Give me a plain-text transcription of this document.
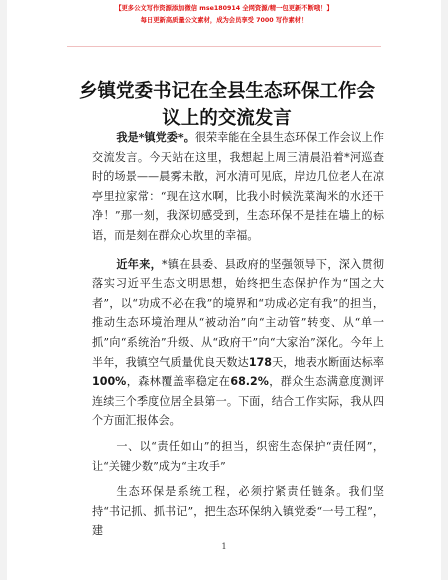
【更多公文写作资源添加微信 mse180914 全网资源/精一包更新不断哦！】
每日更新高质量公文素材，成为会员享受 7000 写作素材！
乡镇党委书记在全县生态环保工作会议上的交流发言

我是*镇党委*。很荣幸能在全县生态环保工作会议上作交流发言。今天站在这里，我想起上周三清晨沿着*河巡查时的场景——晨雾未散，河水清可见底，岸边几位老人在凉亭里拉家常：“现在这水啊，比我小时候洗菜淘米的水还干净！”那一刻，我深切感受到，生态环保不是挂在墙上的标语，而是刻在群众心坎里的幸福。

近年来，*镇在县委、县政府的坚强领导下，深入贯彻落实习近平生态文明思想，始终把生态保护作为“国之大者”，以“功成不必在我”的境界和“功成必定有我”的担当，推动生态环境治理从“被动治”向“主动管”转变、从“单一抓”向“系统治”升级、从“政府干”向“大家治”深化。今年上半年，我镇空气质量优良天数达178天，地表水断面达标率100%，森林覆盖率稳定在68.2%，群众生态满意度测评连续三个季度位居全县第一。下面，结合工作实际，我从四个方面汇报体会。

一、以“责任如山”的担当，织密生态保护“责任网”，让“关键少数”成为“主攻手”

生态环保是系统工程，必须拧紧责任链条。我们坚持“书记抓、抓书记”，把生态环保纳入镇党委“一号工程”，建

1
